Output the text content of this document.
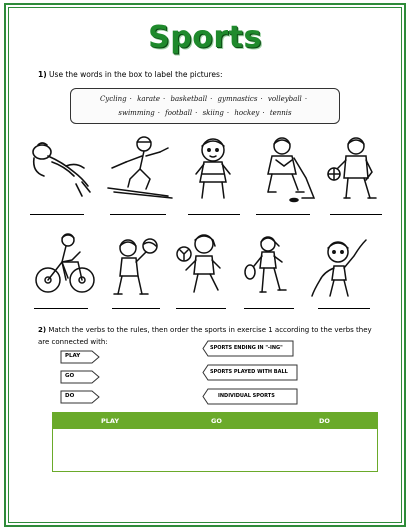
Sports
1) Use the words in the box to label the pictures:
Cycling · karate · basketball · gymnastics · volleyball ·
swimming · football · skiing · hockey · tennis
2) Match the verbs to the rules, then order the sports in exercise 1 according to the verbs they are connected with:
PLAY
GO
DO
SPORTS ENDING IN "-ING"
SPORTS PLAYED WITH BALL
INDIVIDUAL SPORTS
PLAY	GO	DO
